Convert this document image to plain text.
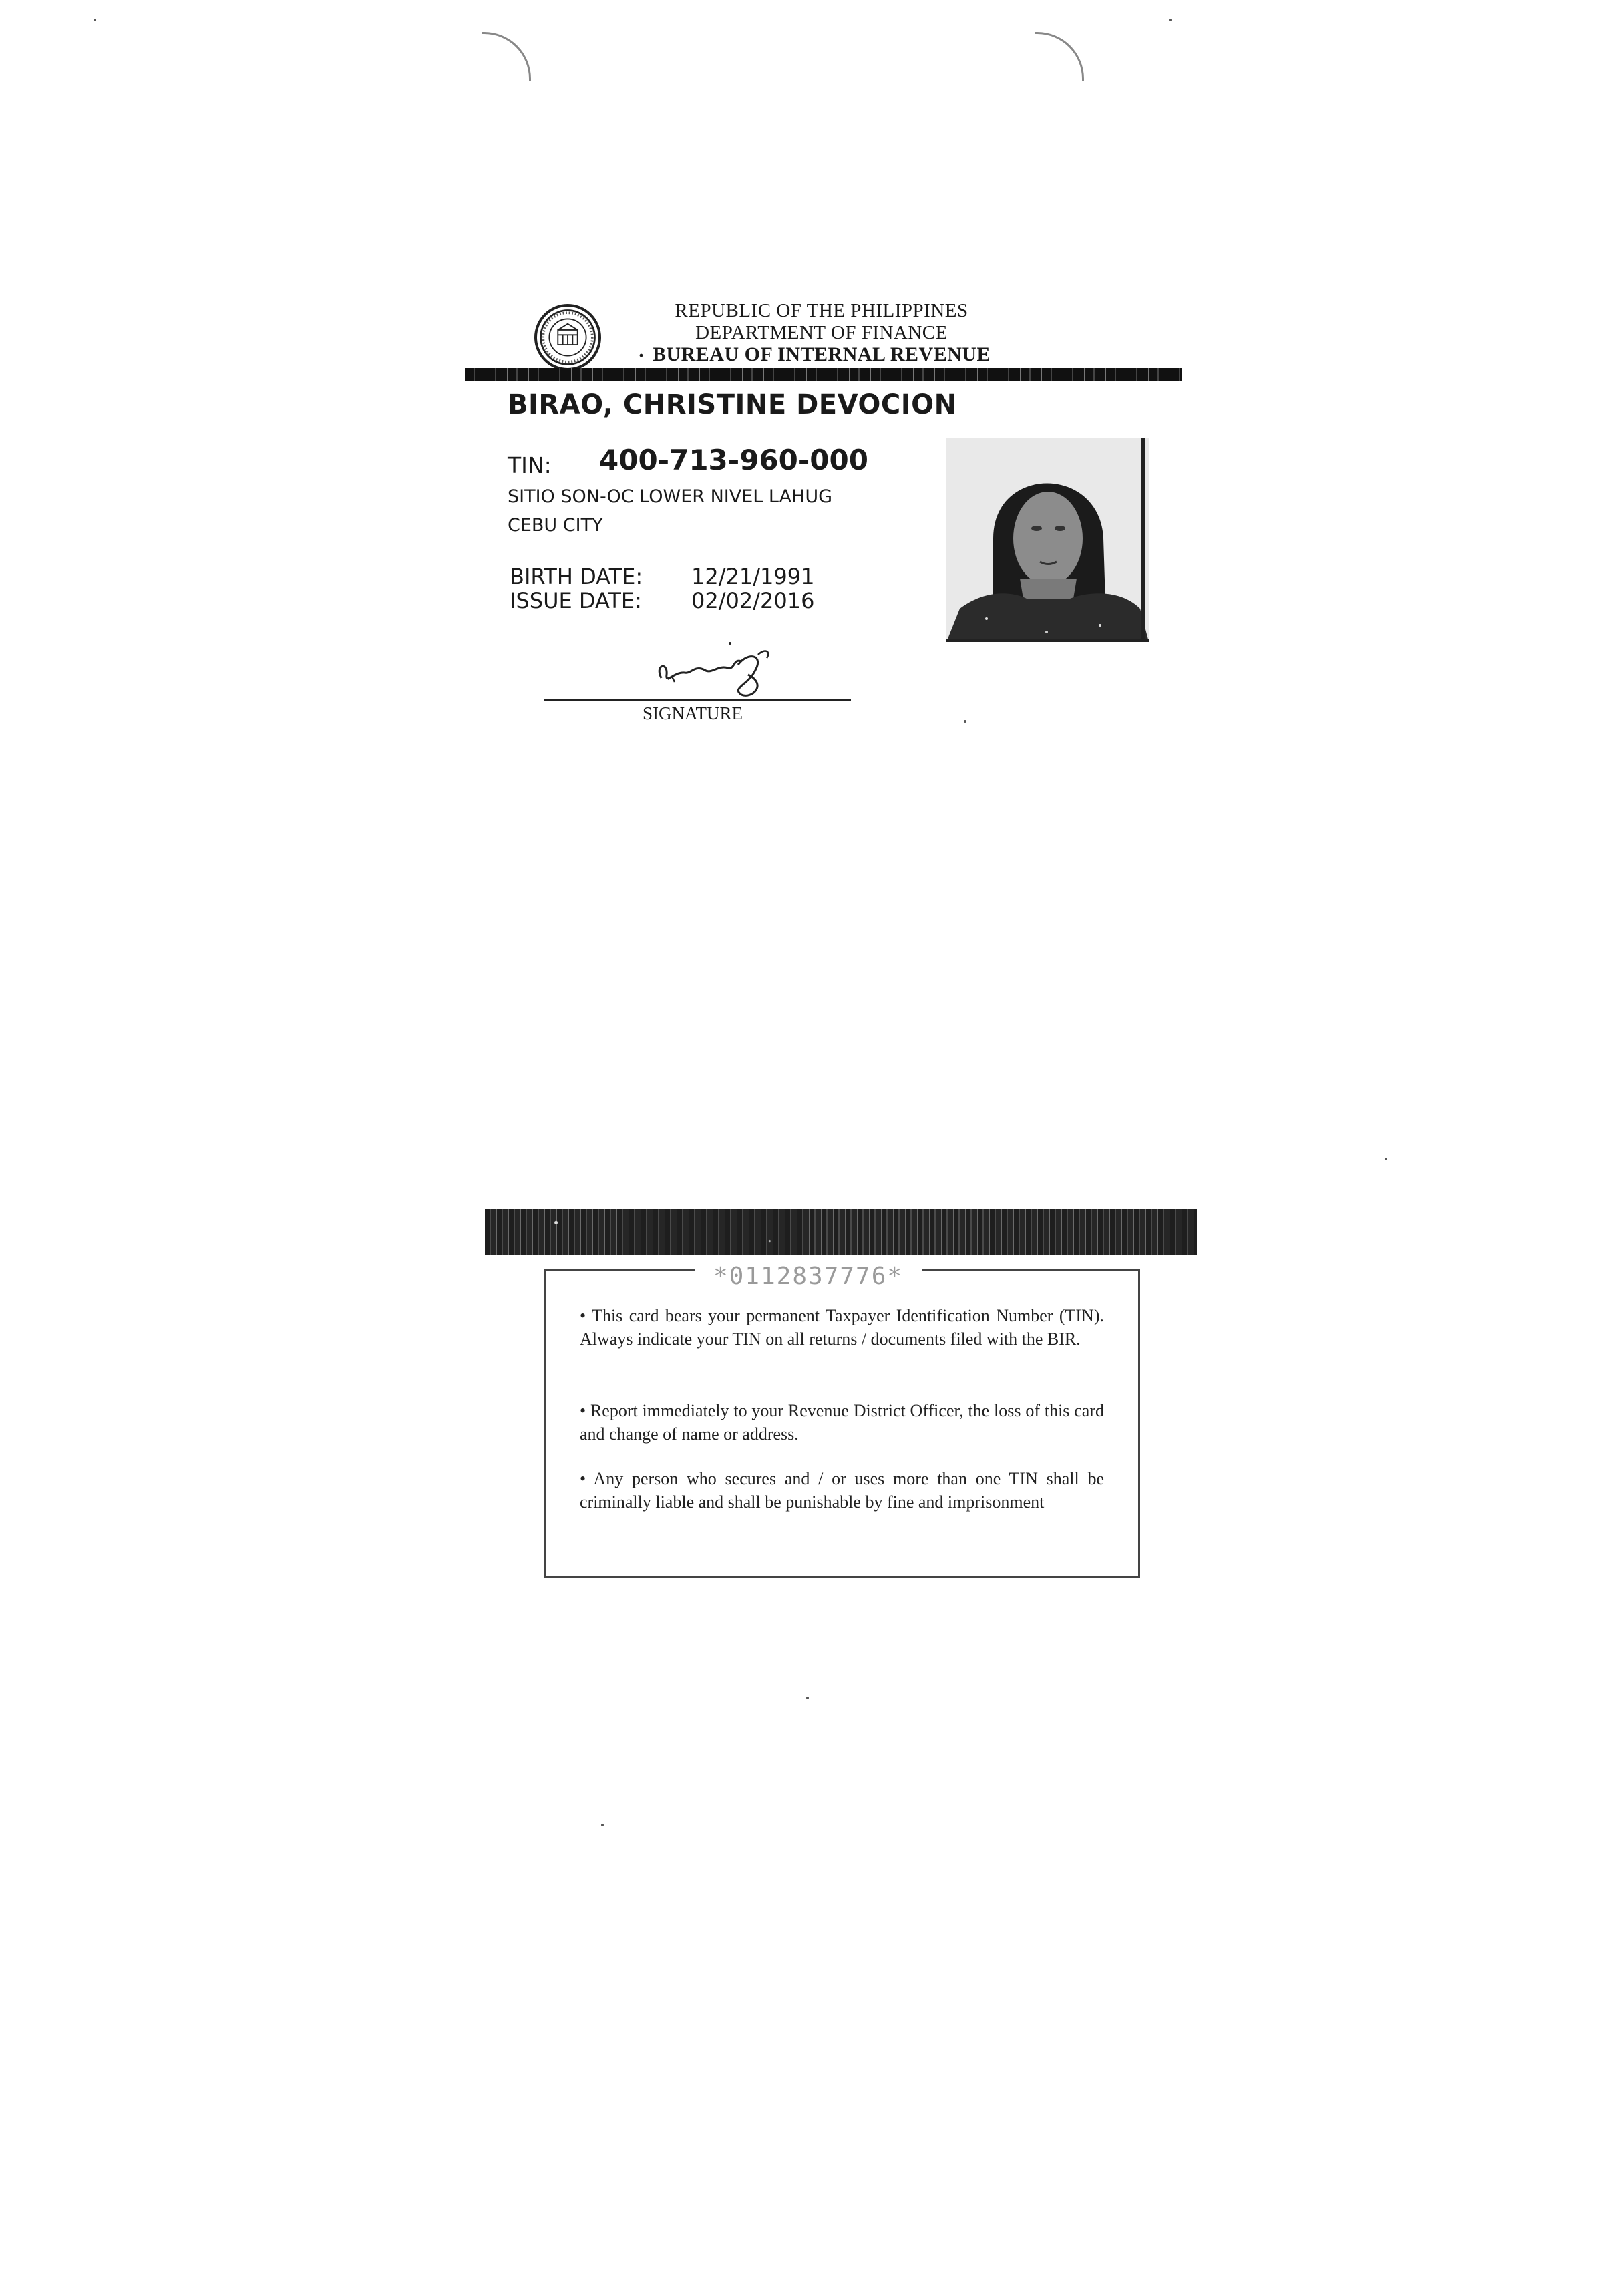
REPUBLIC OF THE PHILIPPINES
DEPARTMENT OF FINANCE
BUREAU OF INTERNAL REVENUE
·
BIRAO, CHRISTINE DEVOCION
TIN: 400-713-960-000
SITIO SON-OC LOWER NIVEL LAHUG
CEBU CITY
BIRTH DATE: 12/21/1991
ISSUE DATE: 02/02/2016
SIGNATURE
*0112837776*
• This card bears your permanent Taxpayer Identification Number (TIN). Always indicate your TIN on all returns / documents filed with the BIR.
• Report immediately to your Revenue District Officer, the loss of this card and change of name or address.
• Any person who secures and / or uses more than one TIN shall be criminally liable and shall be punishable by fine and imprisonment
